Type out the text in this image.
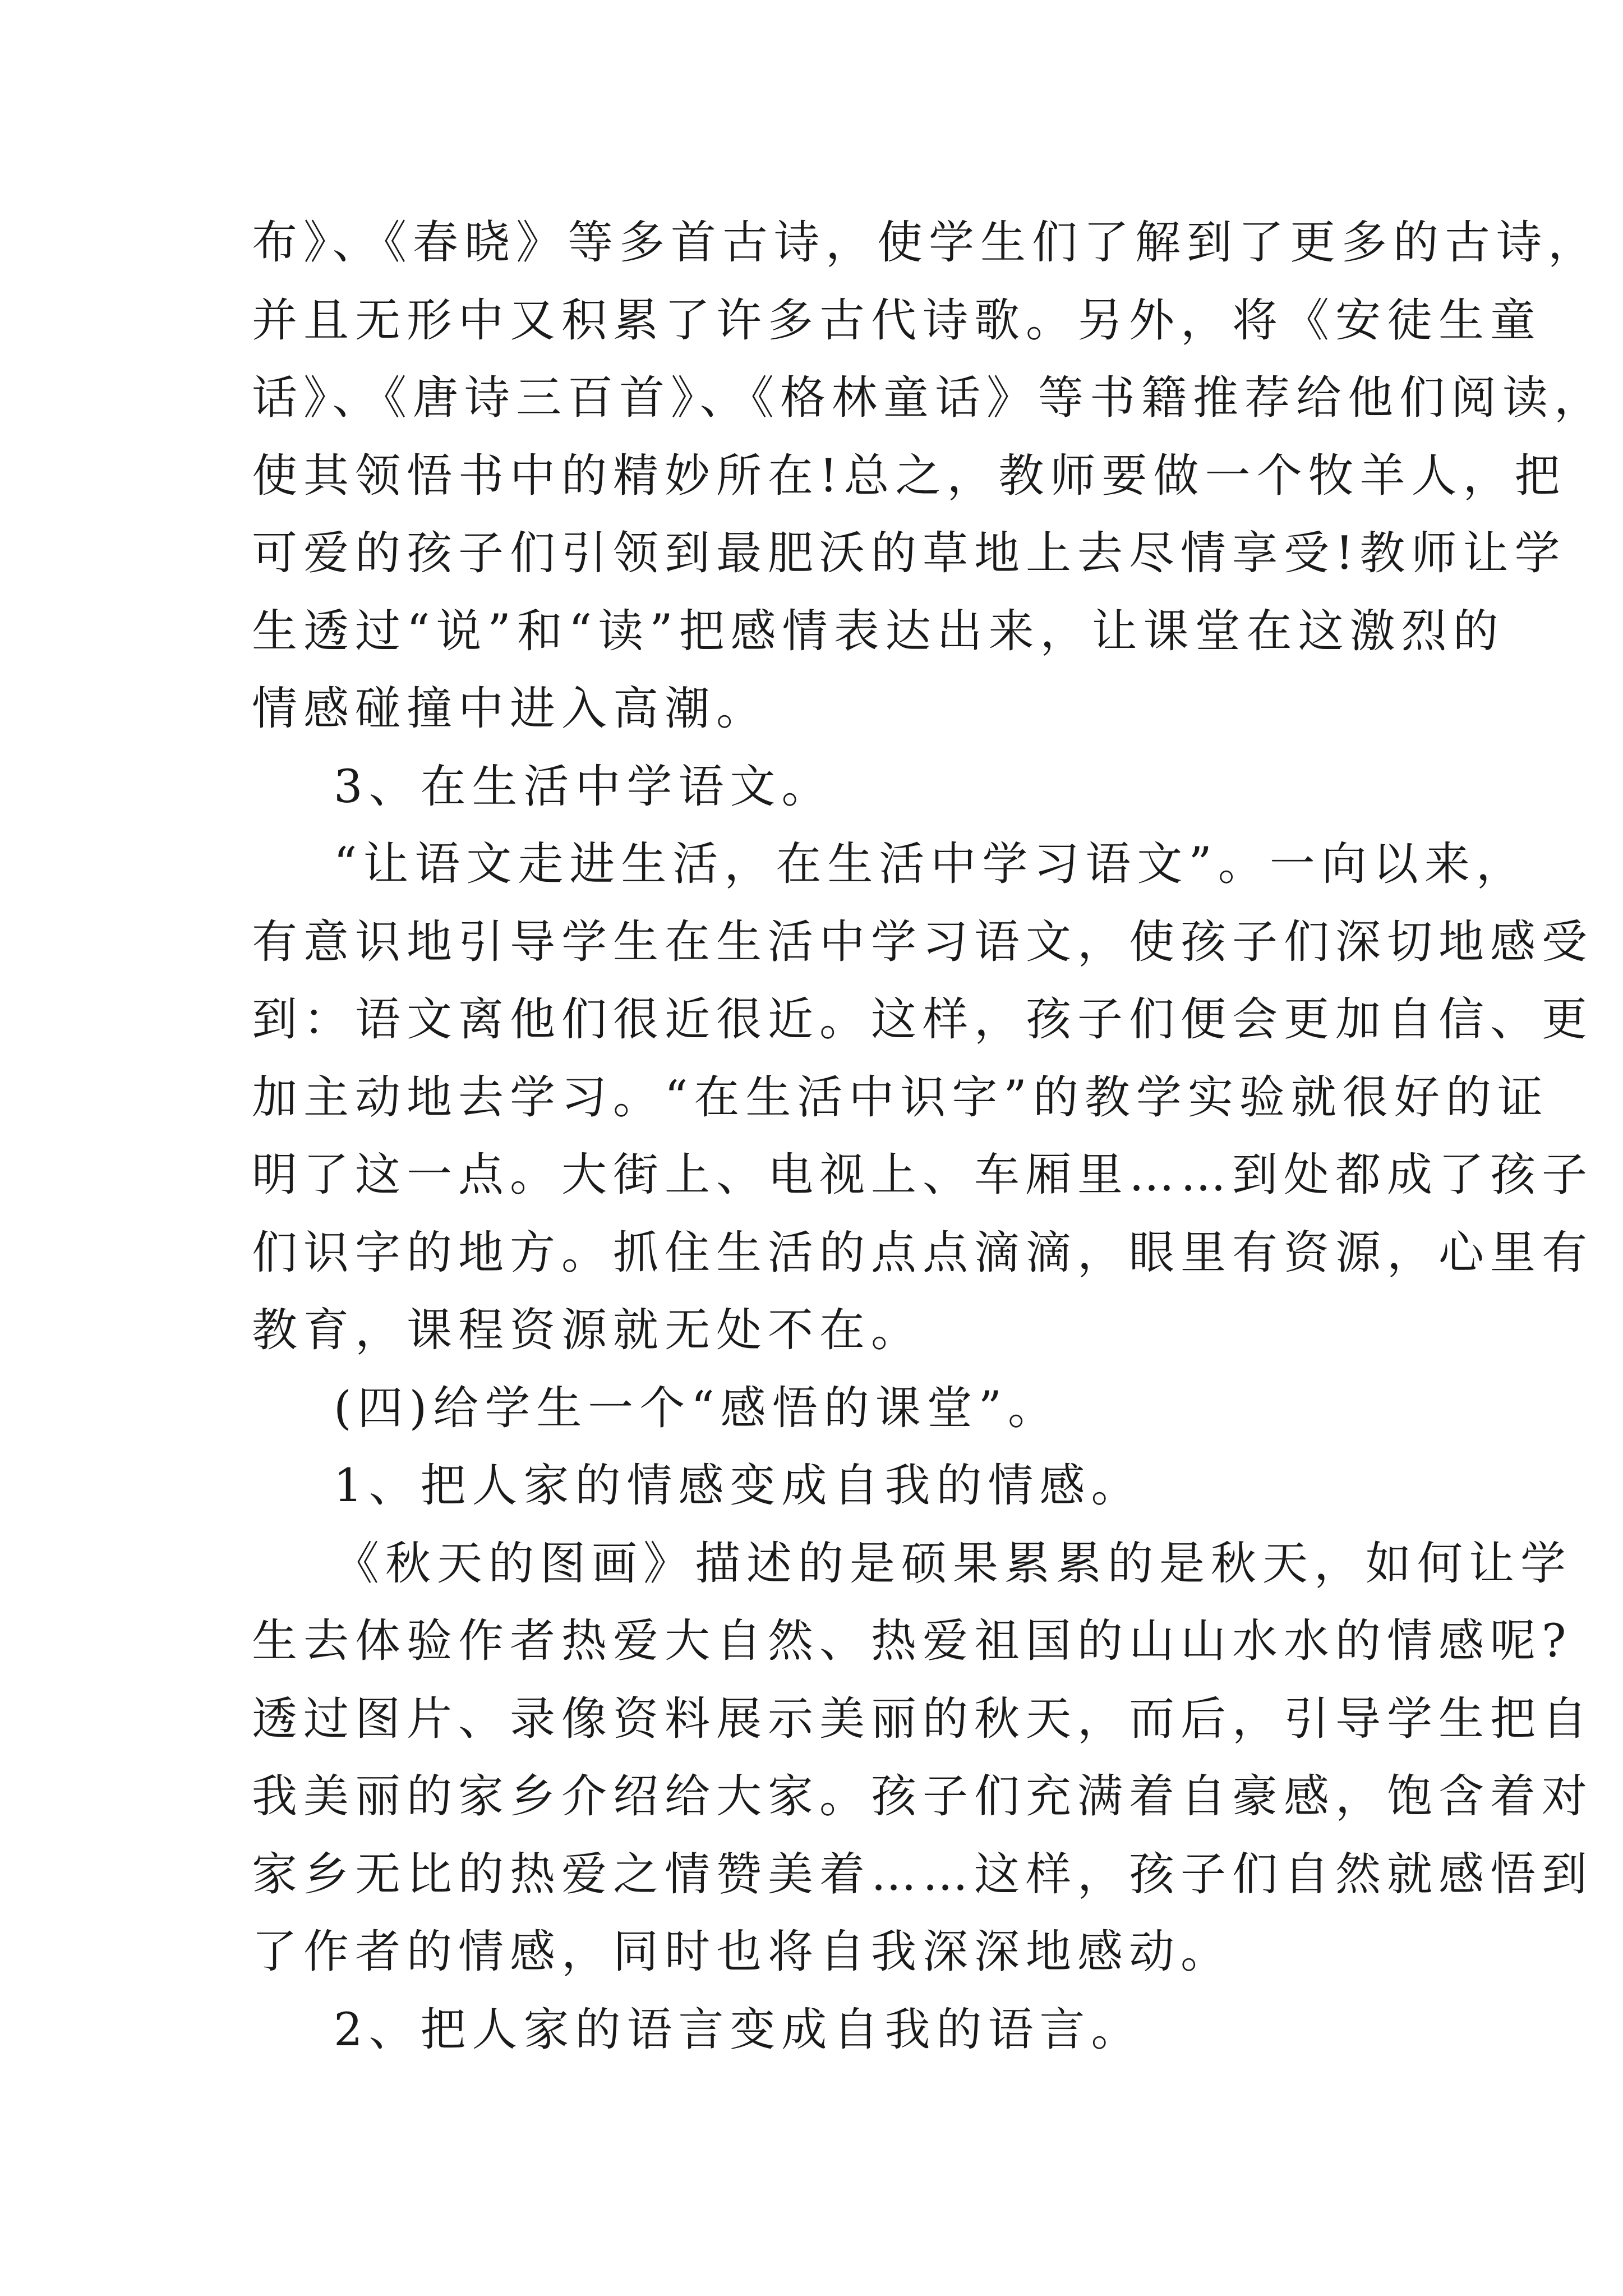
布》、《春晓》等多首古诗，使学生们了解到了更多的古诗，
并且无形中又积累了许多古代诗歌。另外，将《安徒生童
话》、《唐诗三百首》、《格林童话》等书籍推荐给他们阅读，
使其领悟书中的精妙所在!总之，教师要做一个牧羊人，把
可爱的孩子们引领到最肥沃的草地上去尽情享受!教师让学
生透过“说”和“读”把感情表达出来，让课堂在这激烈的
情感碰撞中进入高潮。
3、在生活中学语文。
“让语文走进生活，在生活中学习语文”。一向以来，
有意识地引导学生在生活中学习语文，使孩子们深切地感受
到：语文离他们很近很近。这样，孩子们便会更加自信、更
加主动地去学习。“在生活中识字”的教学实验就很好的证
明了这一点。大街上、电视上、车厢里……到处都成了孩子
们识字的地方。抓住生活的点点滴滴，眼里有资源，心里有
教育，课程资源就无处不在。
(四)给学生一个“感悟的课堂”。
1、把人家的情感变成自我的情感。
《秋天的图画》描述的是硕果累累的是秋天，如何让学
生去体验作者热爱大自然、热爱祖国的山山水水的情感呢?
透过图片、录像资料展示美丽的秋天，而后，引导学生把自
我美丽的家乡介绍给大家。孩子们充满着自豪感，饱含着对
家乡无比的热爱之情赞美着……这样，孩子们自然就感悟到
了作者的情感，同时也将自我深深地感动。
2、把人家的语言变成自我的语言。
